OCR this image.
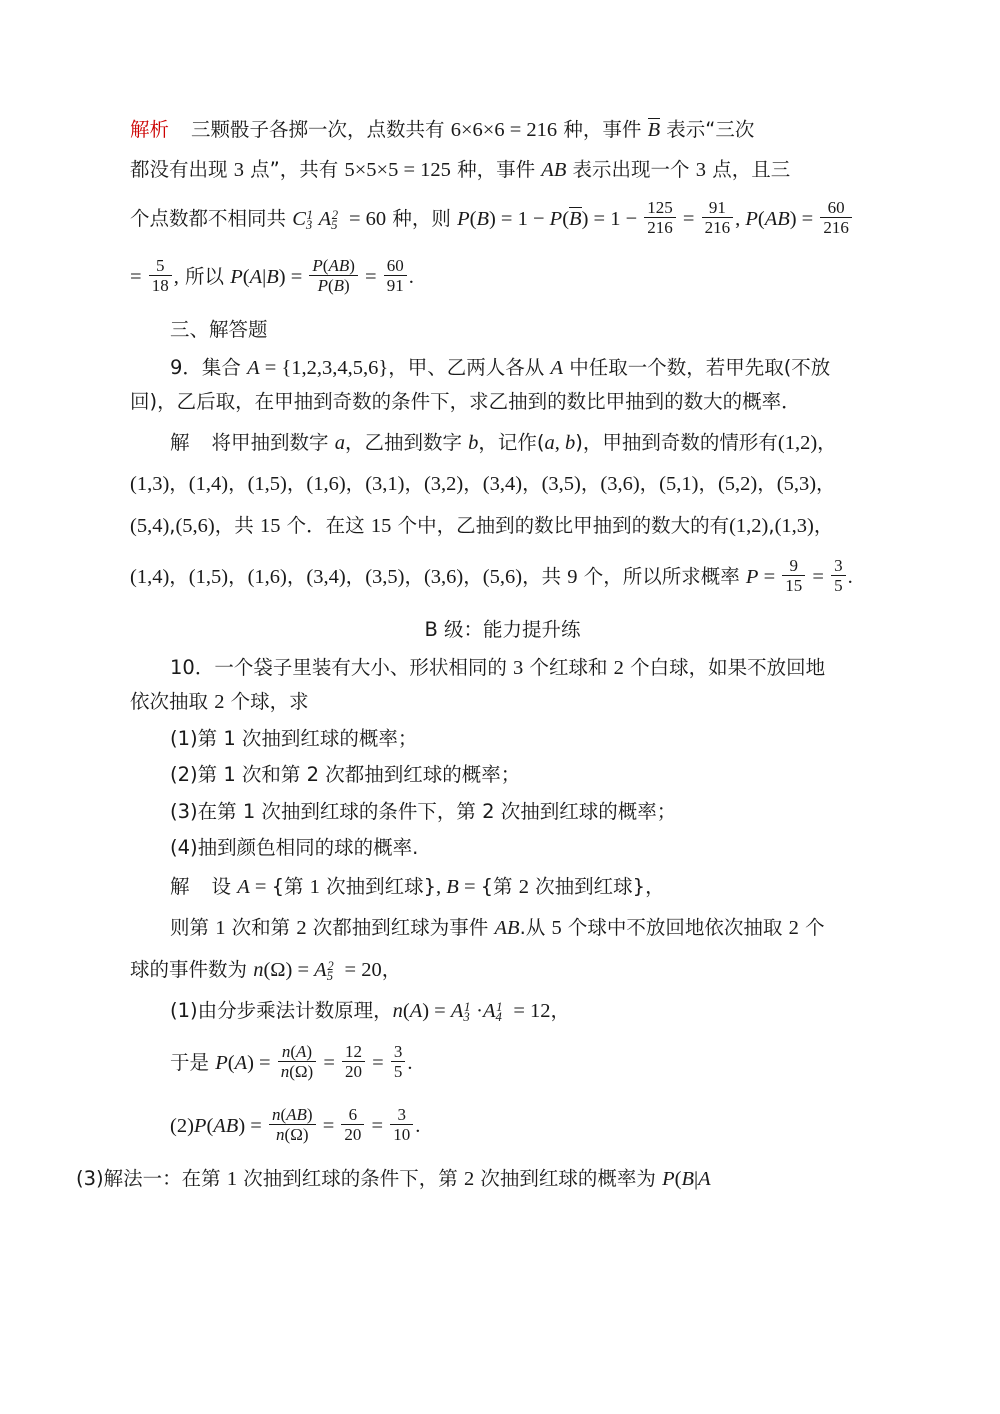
解析 三颗骰子各掷一次，点数共有 6×6×6 = 216 种，事件 B 表示“三次
都没有出现 3 点”，共有 5×5×5 = 125 种，事件 AB 表示出现一个 3 点，且三
个点数都不相同共 $C_3^1$ $A_5^2 = 60$ 种，则 $P(B) = 1 - P(B) = 1 - \frac{125}{216} = \frac{91}{216}$ , $P(AB) = \frac{60}{216}$
= $\frac{5}{18}$ , 所以 $P(A|B) = \frac{P(AB)}{P(B)} = \frac{60}{91}$ .
三、解答题
9．集合 A = {1,2,3,4,5,6}，甲、乙两人各从 A 中任取一个数，若甲先取(不放
回)，乙后取，在甲抽到奇数的条件下，求乙抽到的数比甲抽到的数大的概率．
解 将甲抽到数字 a，乙抽到数字 b，记作(a, b)，甲抽到奇数的情形有(1,2)，
(1,3)，(1,4)，(1,5)，(1,6)，(3,1)，(3,2)，(3,4)，(3,5)，(3,6)，(5,1)，(5,2)，(5,3)，
(5,4),(5,6)，共 15 个．在这 15 个中，乙抽到的数比甲抽到的数大的有(1,2),(1,3)，
(1,4)，(1,5)，(1,6)，(3,4)，(3,5)，(3,6)，(5,6)，共 9 个，所以所求概率 $P = \frac{9}{15} = \frac{3}{5}$ .
B 级：能力提升练
10．一个袋子里装有大小、形状相同的 3 个红球和 2 个白球，如果不放回地
依次抽取 2 个球，求
(1)第 1 次抽到红球的概率；
(2)第 1 次和第 2 次都抽到红球的概率；
(3)在第 1 次抽到红球的条件下，第 2 次抽到红球的概率；
(4)抽到颜色相同的球的概率.
解 设 A = {第 1 次抽到红球}, B = {第 2 次抽到红球}，
则第 1 次和第 2 次都抽到红球为事件 AB.从 5 个球中不放回地依次抽取 2 个
球的事件数为 $n(\Omega) = A_5^2 = 20$，
(1)由分步乘法计数原理，$n(A) = A_3^1 \cdot A_4^1 = 12$，
于是 $P(A) = \frac{n(A)}{n(\Omega)} = \frac{12}{20} = \frac{3}{5}$ .
$(2)P(AB) = \frac{n(AB)}{n(\Omega)} = \frac{6}{20} = \frac{3}{10}$ .
(3)解法一：在第 1 次抽到红球的条件下，第 2 次抽到红球的概率为 P(B|A
